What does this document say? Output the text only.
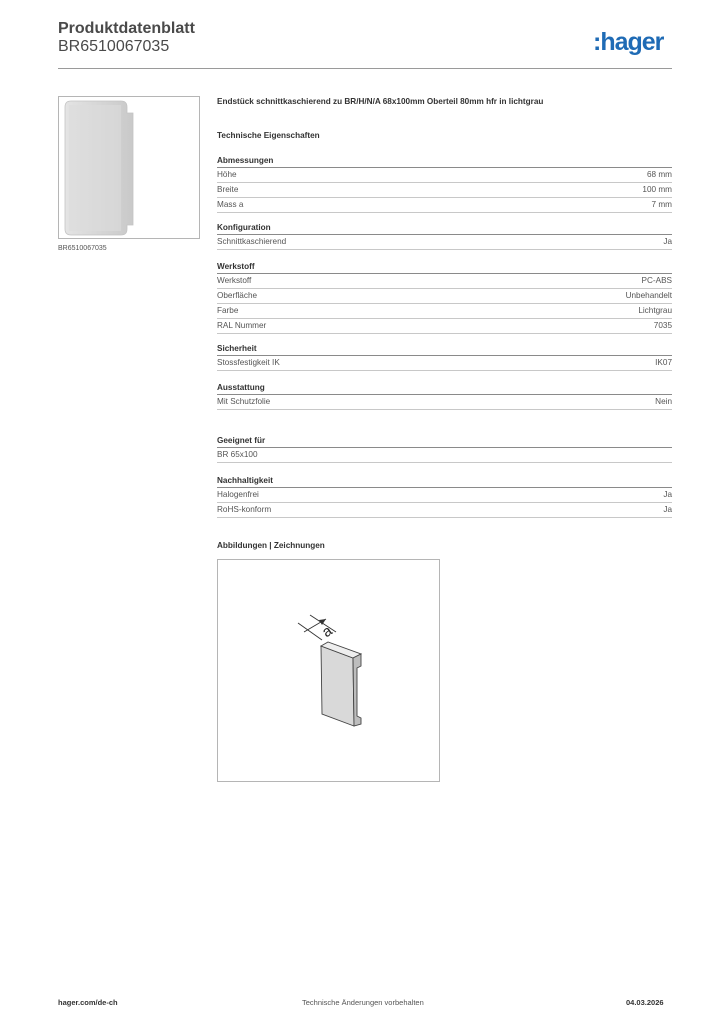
Produktdatenblatt
BR6510067035	:hager
BR6510067035
Endstück schnittkaschierend zu BR/H/N/A 68x100mm Oberteil 80mm hfr in lichtgrau
Technische Eigenschaften
Abmessungen
Höhe	68 mm
Breite	100 mm
Mass a	7 mm
Konfiguration
Schnittkaschierend	Ja
Werkstoff
Werkstoff	PC-ABS
Oberfläche	Unbehandelt
Farbe	Lichtgrau
RAL Nummer	7035
Sicherheit
Stossfestigkeit IK	IK07
Ausstattung
Mit Schutzfolie	Nein
Geeignet für
BR 65x100
Nachhaltigkeit
Halogenfrei	Ja
RoHS-konform	Ja
Abbildungen | Zeichnungen
a
hager.com/de-ch	Technische Änderungen vorbehalten	04.03.2026
